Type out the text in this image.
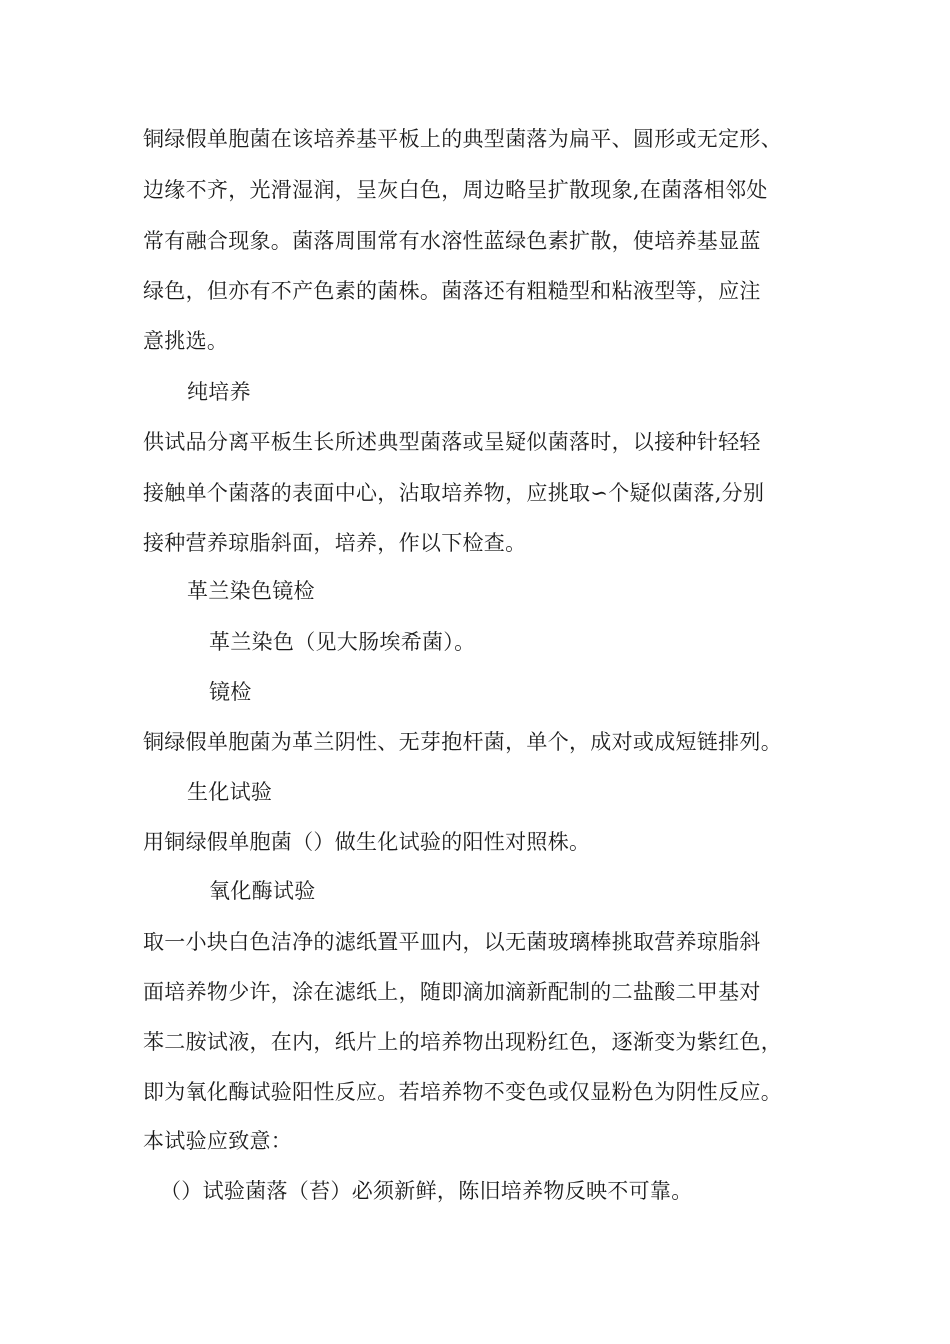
铜绿假单胞菌在该培养基平板上的典型菌落为扁平、圆形或无定形、
边缘不齐，光滑湿润，呈灰白色，周边略呈扩散现象,在菌落相邻处
常有融合现象。菌落周围常有水溶性蓝绿色素扩散，使培养基显蓝
绿色，但亦有不产色素的菌株。菌落还有粗糙型和粘液型等，应注
意挑选。
纯培养
供试品分离平板生长所述典型菌落或呈疑似菌落时，以接种针轻轻
接触单个菌落的表面中心，沾取培养物，应挑取∽个疑似菌落,分别
接种营养琼脂斜面，培养，作以下检查。
革兰染色镜检
革兰染色（见大肠埃希菌）。
镜检
铜绿假单胞菌为革兰阴性、无芽抱杆菌，单个，成对或成短链排列。
生化试验
用铜绿假单胞菌（）做生化试验的阳性对照株。
氧化酶试验
取一小块白色洁净的滤纸置平皿内，以无菌玻璃棒挑取营养琼脂斜
面培养物少许，涂在滤纸上，随即滴加滴新配制的二盐酸二甲基对
苯二胺试液，在内，纸片上的培养物出现粉红色，逐渐变为紫红色，
即为氧化酶试验阳性反应。若培养物不变色或仅显粉色为阴性反应。
本试验应致意：
（）试验菌落（苔）必须新鲜，陈旧培养物反映不可靠。
